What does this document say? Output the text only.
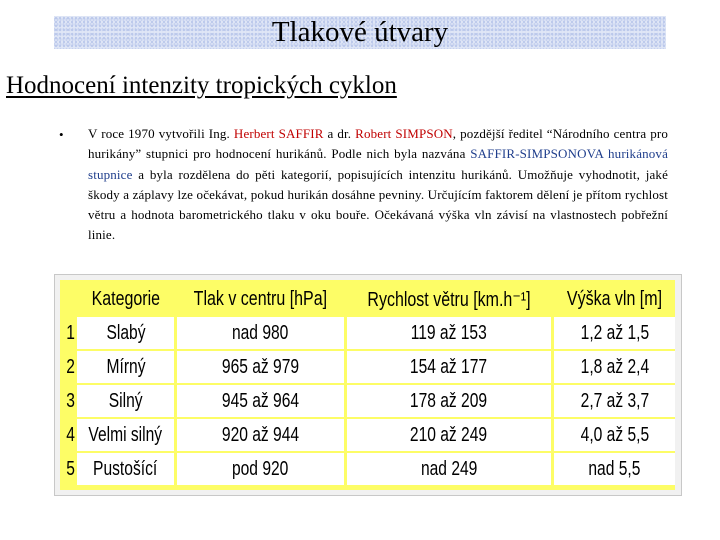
Tlakové útvary
Hodnocení intenzity tropických cyklon
• V roce 1970 vytvořili Ing. Herbert SAFFIR a dr. Robert SIMPSON, pozdější ředitel “Národního centra pro hurikány” stupnici pro hodnocení hurikánů. Podle nich byla nazvána SAFFIR-SIMPSONOVA hurikánová stupnice a byla rozdělena do pěti kategorií, popisujících intenzitu hurikánů. Umožňuje vyhodnotit, jaké škody a záplavy lze očekávat, pokud hurikán dosáhne pevniny. Určujícím faktorem dělení je přítom rychlost větru a hodnota barometrického tlaku v oku bouře. Očekávaná výška vln závisí na vlastnostech pobřežní linie.
	Kategorie	Tlak v centru [hPa]	Rychlost větru [km.h⁻¹]	Výška vln [m]
1	Slabý	nad 980	119 až 153	1,2 až 1,5
2	Mírný	965 až 979	154 až 177	1,8 až 2,4
3	Silný	945 až 964	178 až 209	2,7 až 3,7
4	Velmi silný	920 až 944	210 až 249	4,0 až 5,5
5	Pustošící	pod 920	nad 249	nad 5,5
